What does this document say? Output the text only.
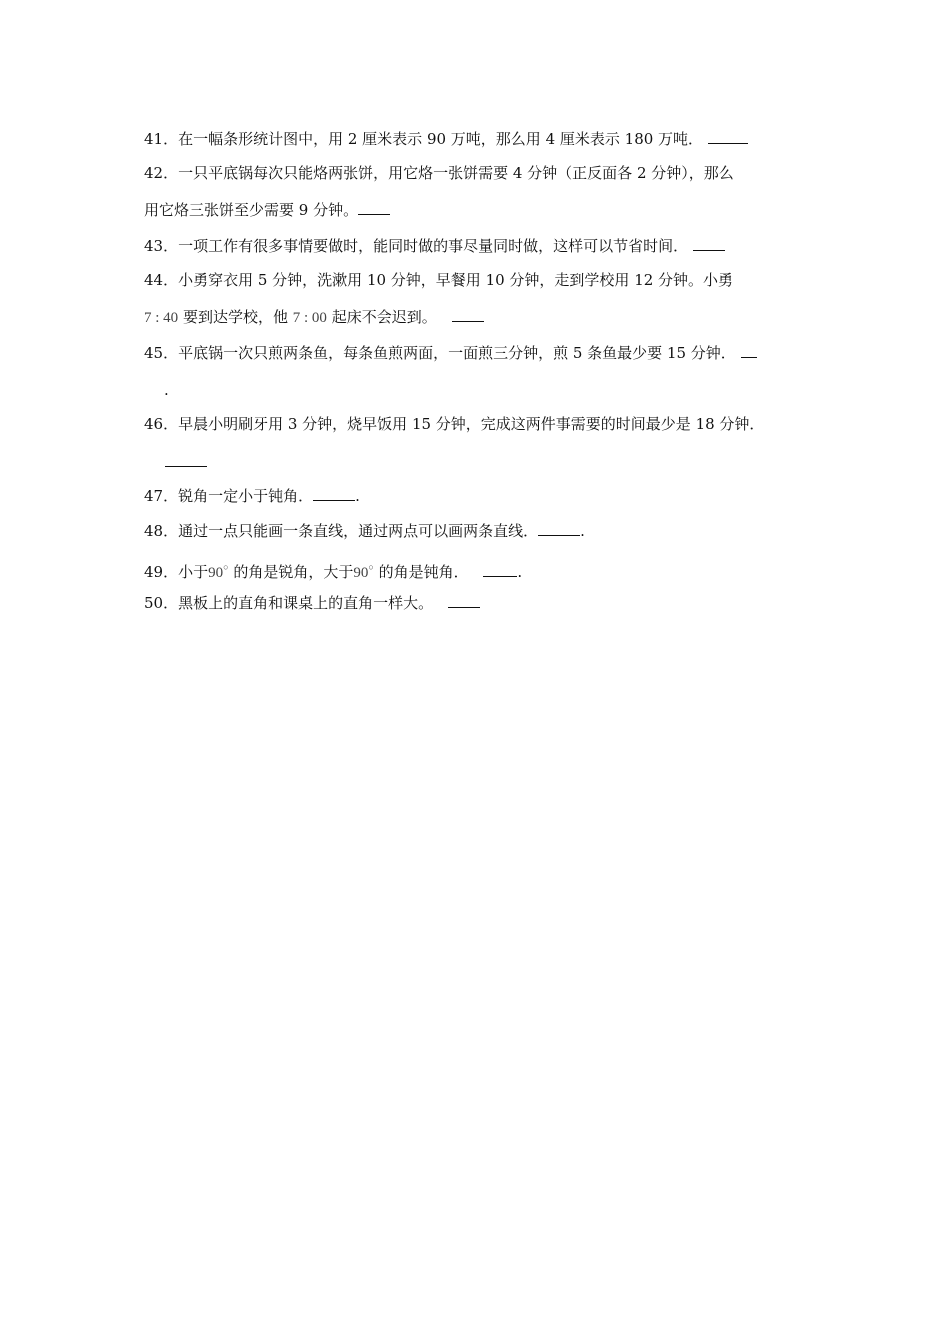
41．在一幅条形统计图中，用 2 厘米表示 90 万吨，那么用 4 厘米表示 180 万吨．
42．一只平底锅每次只能烙两张饼，用它烙一张饼需要 4 分钟（正反面各 2 分钟），那么
用它烙三张饼至少需要 9 分钟。
43．一项工作有很多事情要做时，能同时做的事尽量同时做，这样可以节省时间．
44．小勇穿衣用 5 分钟，洗漱用 10 分钟，早餐用 10 分钟，走到学校用 12 分钟。小勇
7 : 40 要到达学校，他 7 : 00 起床不会迟到。
45．平底锅一次只煎两条鱼，每条鱼煎两面，一面煎三分钟，煎 5 条鱼最少要 15 分钟．
.
46．早晨小明刷牙用 3 分钟，烧早饭用 15 分钟，完成这两件事需要的时间最少是 18 分钟．
47．锐角一定小于钝角．	.
48．通过一点只能画一条直线，通过两点可以画两条直线．	.
49．小于90○ 的角是锐角，大于90○ 的角是钝角．	.
50．黑板上的直角和课桌上的直角一样大。
